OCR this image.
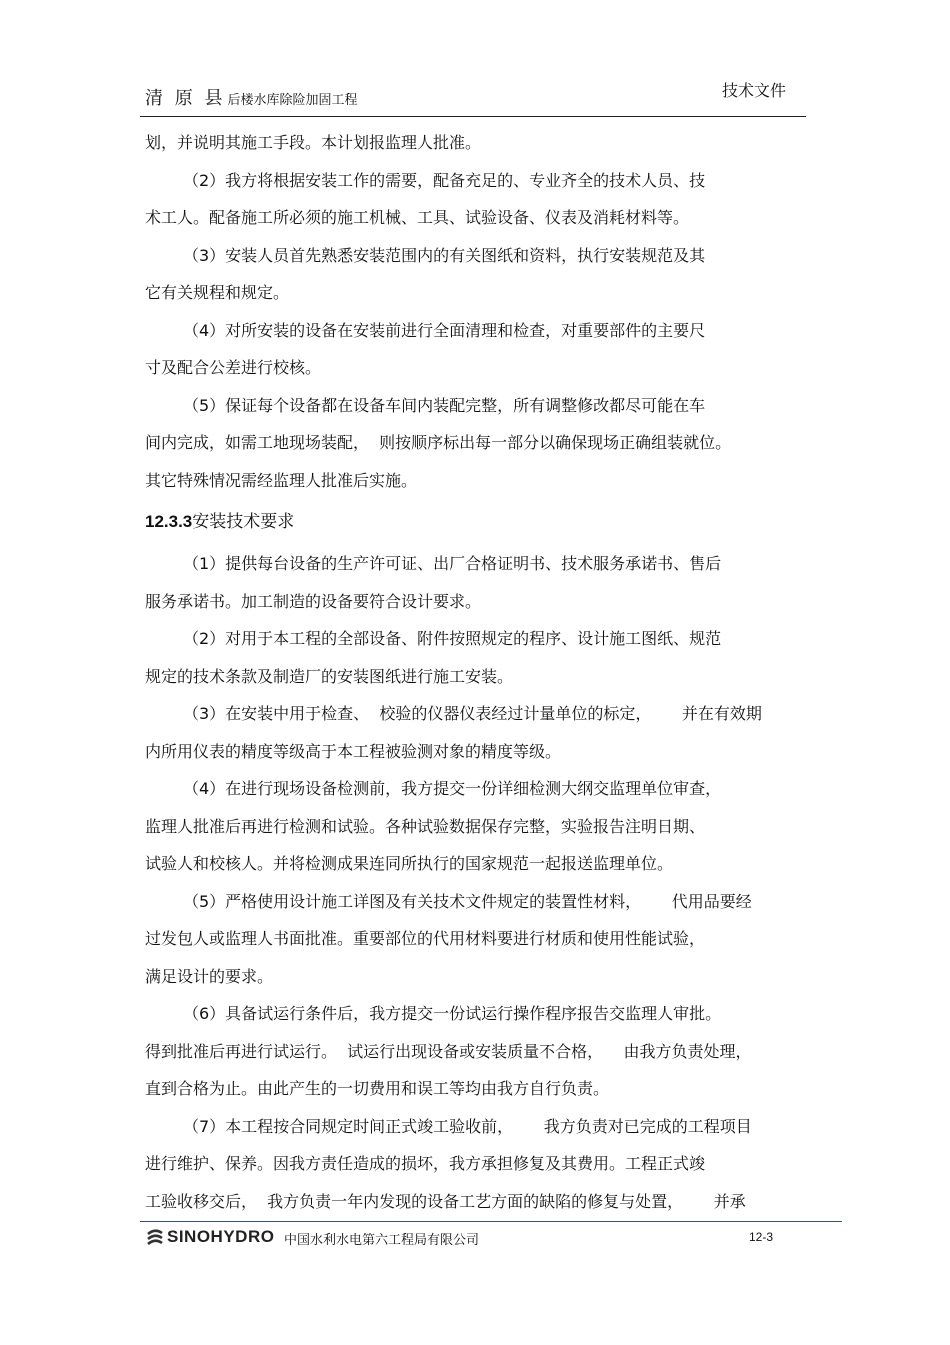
清 原 县 后楼水库除险加固工程
技术文件
划，并说明其施工手段。本计划报监理人批准。
（2）我方将根据安装工作的需要，配备充足的、专业齐全的技术人员、技
术工人。配备施工所必须的施工机械、工具、试验设备、仪表及消耗材料等。
（3）安装人员首先熟悉安装范围内的有关图纸和资料，执行安装规范及其
它有关规程和规定。
（4）对所安装的设备在安装前进行全面清理和检查，对重要部件的主要尺
寸及配合公差进行校核。
（5）保证每个设备都在设备车间内装配完整，所有调整修改都尽可能在车
间内完成，如需工地现场装配，  则按顺序标出每一部分以确保现场正确组装就位。
其它特殊情况需经监理人批准后实施。
12.3.3安装技术要求
（1）提供每台设备的生产许可证、出厂合格证明书、技术服务承诺书、售后
服务承诺书。加工制造的设备要符合设计要求。
（2）对用于本工程的全部设备、附件按照规定的程序、设计施工图纸、规范
规定的技术条款及制造厂的安装图纸进行施工安装。
（3）在安装中用于检查、  校验的仪器仪表经过计量单位的标定，      并在有效期
内所用仪表的精度等级高于本工程被验测对象的精度等级。
（4）在进行现场设备检测前，我方提交一份详细检测大纲交监理单位审查，
监理人批准后再进行检测和试验。各种试验数据保存完整，实验报告注明日期、
试验人和校核人。并将检测成果连同所执行的国家规范一起报送监理单位。
（5）严格使用设计施工详图及有关技术文件规定的装置性材料，      代用品要经
过发包人或监理人书面批准。重要部位的代用材料要进行材质和使用性能试验，
满足设计的要求。
（6）具备试运行条件后，我方提交一份试运行操作程序报告交监理人审批。
得到批准后再进行试运行。  试运行出现设备或安装质量不合格，    由我方负责处理，
直到合格为止。由此产生的一切费用和误工等均由我方自行负责。
（7）本工程按合同规定时间正式竣工验收前，      我方负责对已完成的工程项目
进行维护、保养。因我方责任造成的损坏，我方承担修复及其费用。工程正式竣
工验收移交后，  我方负责一年内发现的设备工艺方面的缺陷的修复与处置，      并承
SINOHYDRO 中国水利水电第六工程局有限公司	12-3
